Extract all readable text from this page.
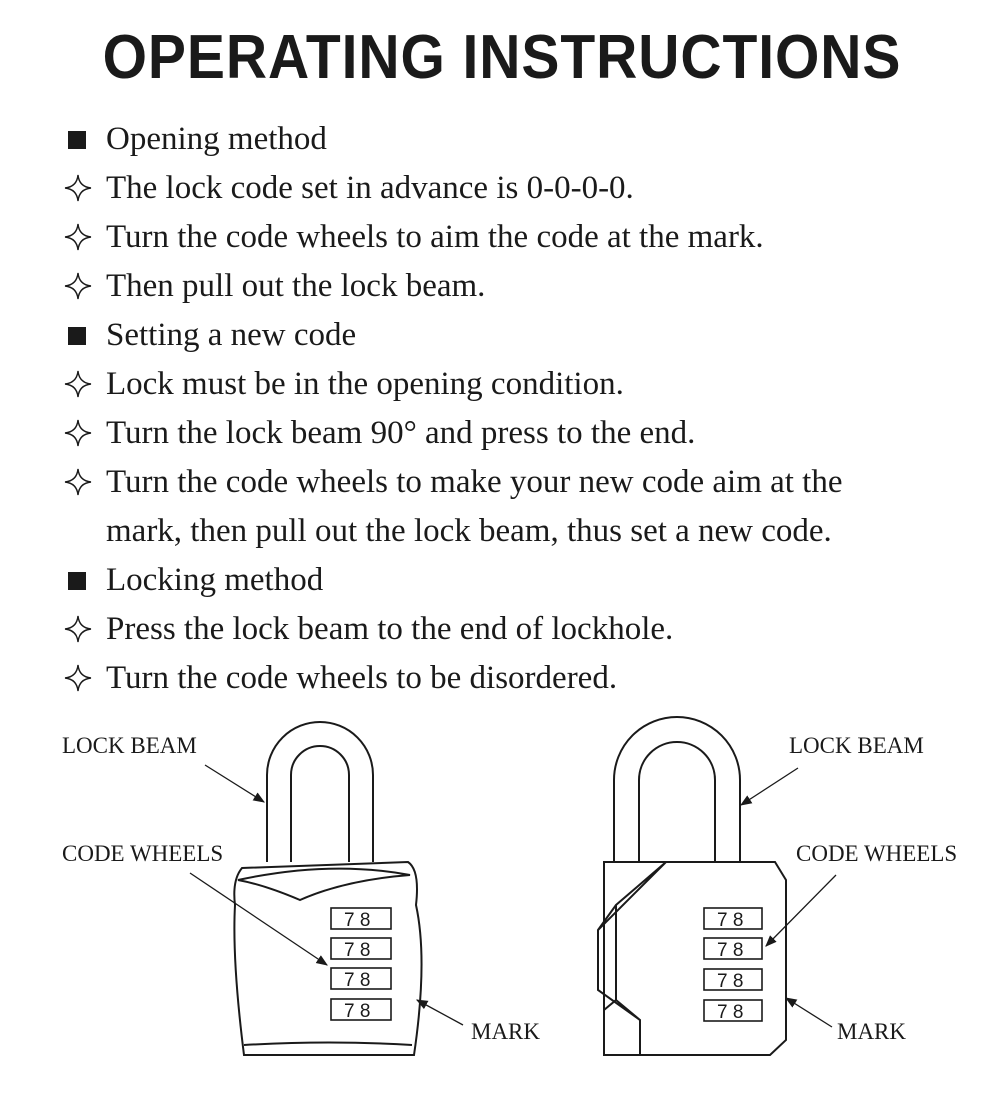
OPERATING INSTRUCTIONS
Opening method
The lock code set in advance is 0-0-0-0.
Turn the code wheels to aim the code at the mark.
Then pull out the lock beam.
Setting a new code
Lock must be in the opening condition.
Turn the lock beam 90° and press to the end.
Turn the code wheels to make your new code aim at the
mark, then pull out the lock beam, thus set a new code.
Locking method
Press the lock beam to the end of lockhole.
Turn the code wheels to be disordered.
7 8
7 8
7 8
7 8
LOCK BEAM
CODE WHEELS
MARK
7 8
7 8
7 8
7 8
LOCK BEAM
CODE WHEELS
MARK
